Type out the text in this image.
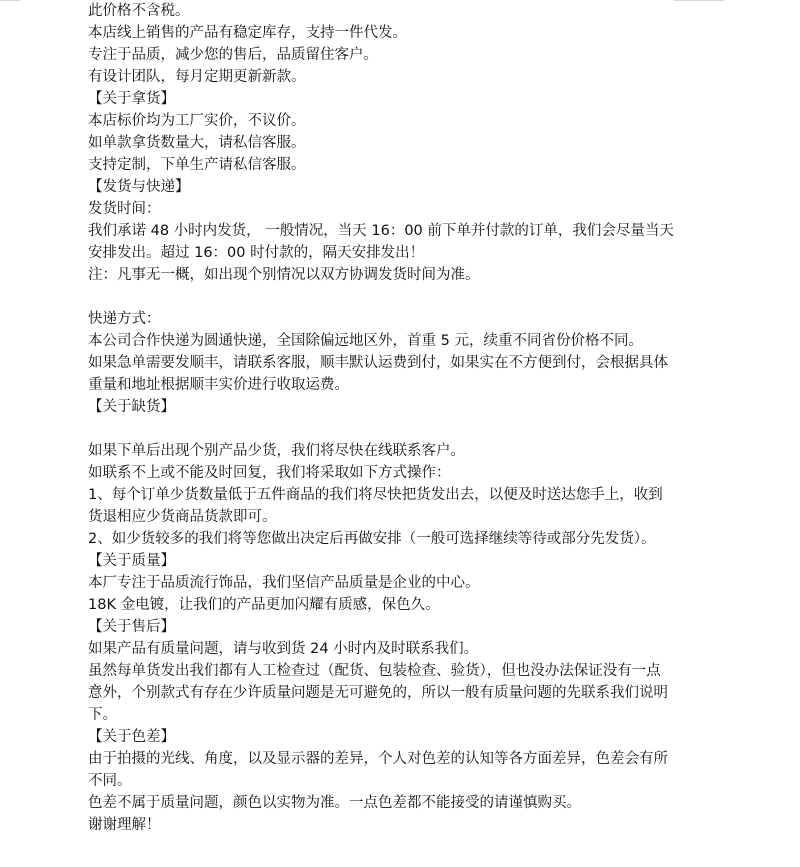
此价格不含税。
本店线上销售的产品有稳定库存，支持一件代发。
专注于品质，减少您的售后，品质留住客户。
有设计团队，每月定期更新新款。
【关于拿货】
本店标价均为工厂实价，不议价。
如单款拿货数量大，请私信客服。
支持定制，下单生产请私信客服。
【发货与快递】
发货时间：
我们承诺 48 小时内发货， 一般情况，当天 16：00 前下单并付款的订单，我们会尽量当天
安排发出。超过 16：00 时付款的，隔天安排发出！
注：凡事无一概，如出现个别情况以双方协调发货时间为准。
快递方式：
本公司合作快递为圆通快递，全国除偏远地区外，首重 5 元，续重不同省份价格不同。
如果急单需要发顺丰，请联系客服，顺丰默认运费到付，如果实在不方便到付，会根据具体
重量和地址根据顺丰实价进行收取运费。
【关于缺货】
如果下单后出现个别产品少货，我们将尽快在线联系客户。
如联系不上或不能及时回复，我们将采取如下方式操作：
1、每个订单少货数量低于五件商品的我们将尽快把货发出去，以便及时送达您手上，收到
货退相应少货商品货款即可。
2、如少货较多的我们将等您做出决定后再做安排（一般可选择继续等待或部分先发货）。
【关于质量】
本厂专注于品质流行饰品，我们坚信产品质量是企业的中心。
18K 金电镀，让我们的产品更加闪耀有质感，保色久。
【关于售后】
如果产品有质量问题，请与收到货 24 小时内及时联系我们。
虽然每单货发出我们都有人工检查过（配货、包装检查、验货），但也没办法保证没有一点
意外，个别款式有存在少许质量问题是无可避免的，所以一般有质量问题的先联系我们说明
下。
【关于色差】
由于拍摄的光线、角度，以及显示器的差异，个人对色差的认知等各方面差异，色差会有所
不同。
色差不属于质量问题，颜色以实物为准。一点色差都不能接受的请谨慎购买。
谢谢理解！
